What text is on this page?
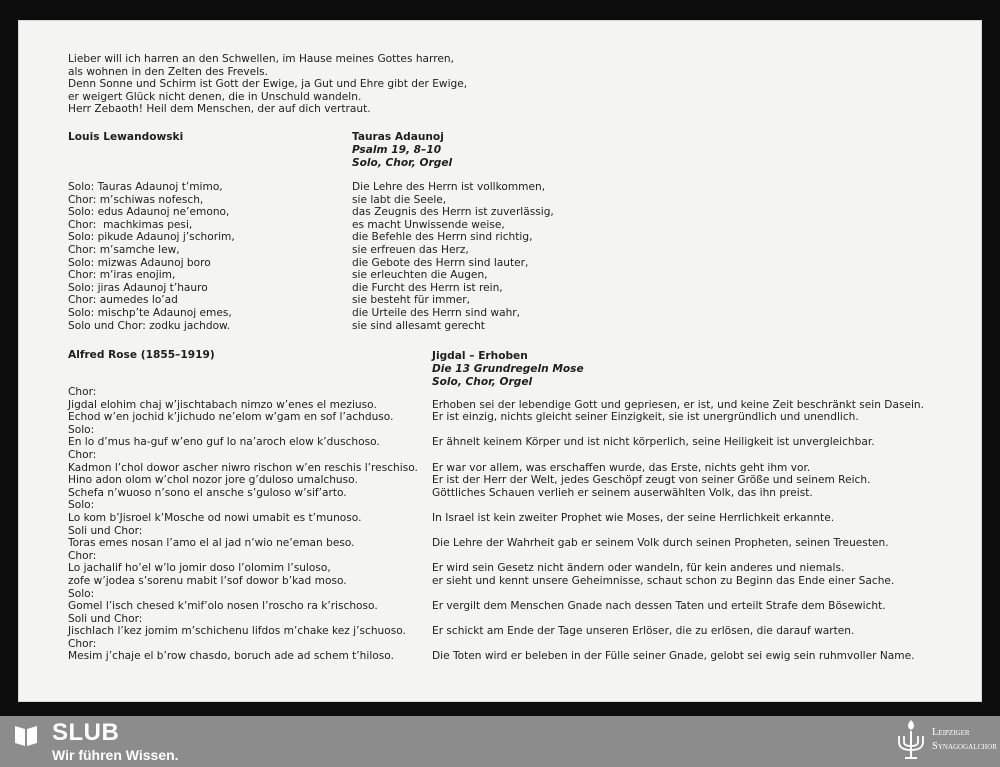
Lieber will ich harren an den Schwellen, im Hause meines Gottes harren,
als wohnen in den Zelten des Frevels.
Denn Sonne und Schirm ist Gott der Ewige, ja Gut und Ehre gibt der Ewige,
er weigert Glück nicht denen, die in Unschuld wandeln.
Herr Zebaoth! Heil dem Menschen, der auf dich vertraut.
Louis Lewandowski	Tauras Adaunoj
Psalm 19, 8–10
Solo, Chor, Orgel
Solo: Tauras Adaunoj t’mimo,
Chor: m’schiwas nofesch,
Solo: edus Adaunoj ne’emono,
Chor:  machkimas pesi,
Solo: pikude Adaunoj j’schorim,
Chor: m’samche lew,
Solo: mizwas Adaunoj boro
Chor: m’iras enojim,
Solo: jiras Adaunoj t’hauro
Chor: aumedes lo’ad
Solo: mischp’te Adaunoj emes,
Solo und Chor: zodku jachdow.
Die Lehre des Herrn ist vollkommen,
sie labt die Seele,
das Zeugnis des Herrn ist zuverlässig,
es macht Unwissende weise,
die Befehle des Herrn sind richtig,
sie erfreuen das Herz,
die Gebote des Herrn sind lauter,
sie erleuchten die Augen,
die Furcht des Herrn ist rein,
sie besteht für immer,
die Urteile des Herrn sind wahr,
sie sind allesamt gerecht
Alfred Rose (1855–1919)	Jigdal – Erhoben
Die 13 Grundregeln Mose
Solo, Chor, Orgel
Chor:
Jigdal elohim chaj w’jischtabach nimzo w’enes el meziuso.
Echod w’en jochid k’jichudo ne’elom w’gam en sof l’achduso.
Solo:
En lo d’mus ha-guf w’eno guf lo na’aroch elow k’duschoso.
Chor:
Kadmon l’chol dowor ascher niwro rischon w’en reschis l’reschiso.
Hino adon olom w’chol nozor jore g’duloso umalchuso.
Schefa n’wuoso n’sono el ansche s’guloso w’sif’arto.
Solo:
Lo kom b’Jisroel k’Mosche od nowi umabit es t’munoso.
Soli und Chor:
Toras emes nosan l’amo el al jad n’wio ne’eman beso.
Chor:
Lo jachalif ho’el w’lo jomir doso l’olomim l’suloso,
zofe w’jodea s’sorenu mabit l’sof dowor b’kad moso.
Solo:
Gomel l’isch chesed k’mif’olo nosen l’roscho ra k’rischoso.
Soli und Chor:
Jischlach l’kez jomim m’schichenu lifdos m’chake kez j’schuoso.
Chor:
Mesim j’chaje el b’row chasdo, boruch ade ad schem t’hiloso.
Erhoben sei der lebendige Gott und gepriesen, er ist, und keine Zeit beschränkt sein Dasein.
Er ist einzig, nichts gleicht seiner Einzigkeit, sie ist unergründlich und unendlich.
Er ähnelt keinem Körper und ist nicht körperlich, seine Heiligkeit ist unvergleichbar.
Er war vor allem, was erschaffen wurde, das Erste, nichts geht ihm vor.
Er ist der Herr der Welt, jedes Geschöpf zeugt von seiner Größe und seinem Reich.
Göttliches Schauen verlieh er seinem auserwählten Volk, das ihn preist.
In Israel ist kein zweiter Prophet wie Moses, der seine Herrlichkeit erkannte.
Die Lehre der Wahrheit gab er seinem Volk durch seinen Propheten, seinen Treuesten.
Er wird sein Gesetz nicht ändern oder wandeln, für kein anderes und niemals.
er sieht und kennt unsere Geheimnisse, schaut schon zu Beginn das Ende einer Sache.
Er vergilt dem Menschen Gnade nach dessen Taten und erteilt Strafe dem Bösewicht.
Er schickt am Ende der Tage unseren Erlöser, die zu erlösen, die darauf warten.
Die Toten wird er beleben in der Fülle seiner Gnade, gelobt sei ewig sein ruhmvoller Name.
SLUB
Wir führen Wissen.
Leipziger
Synagogalchor
